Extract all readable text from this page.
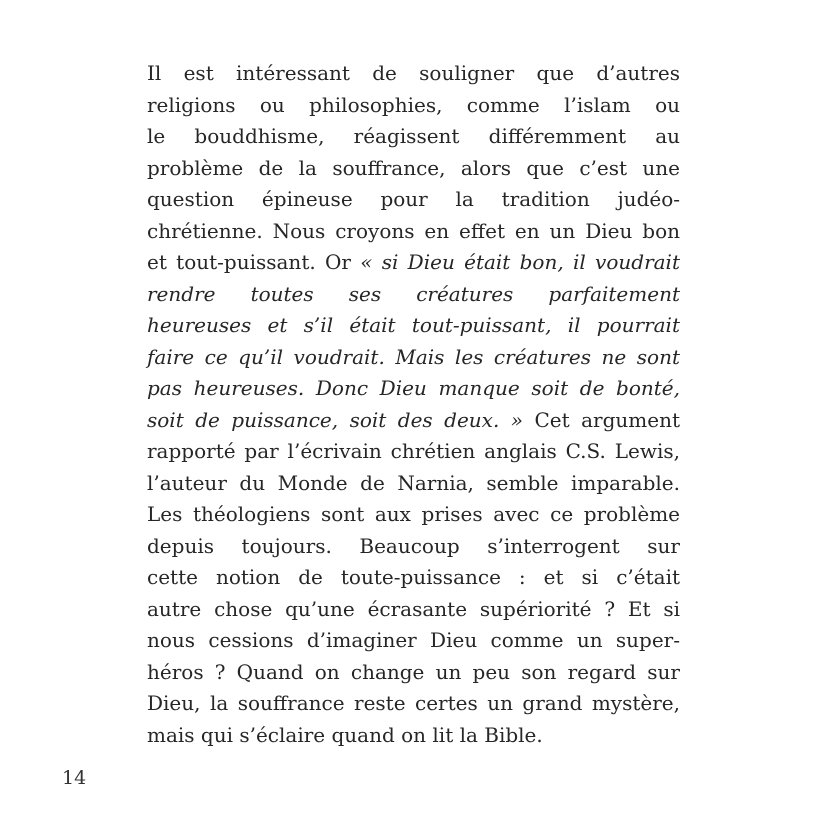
Il est intéressant de souligner que d’autres
religions ou philosophies, comme l’islam ou
le bouddhisme, réagissent différemment au
problème de la souffrance, alors que c’est une
question épineuse pour la tradition judéo-
chrétienne. Nous croyons en effet en un Dieu bon
et tout-puissant. Or « si Dieu était bon, il voudrait
rendre toutes ses créatures parfaitement
heureuses et s’il était tout-puissant, il pourrait
faire ce qu’il voudrait. Mais les créatures ne sont
pas heureuses. Donc Dieu manque soit de bonté,
soit de puissance, soit des deux. » Cet argument
rapporté par l’écrivain chrétien anglais C.S. Lewis,
l’auteur du Monde de Narnia, semble imparable.
Les théologiens sont aux prises avec ce problème
depuis toujours. Beaucoup s’interrogent sur
cette notion de toute-puissance : et si c’était
autre chose qu’une écrasante supériorité ? Et si
nous cessions d’imaginer Dieu comme un super-
héros ? Quand on change un peu son regard sur
Dieu, la souffrance reste certes un grand mystère,
mais qui s’éclaire quand on lit la Bible.
14
